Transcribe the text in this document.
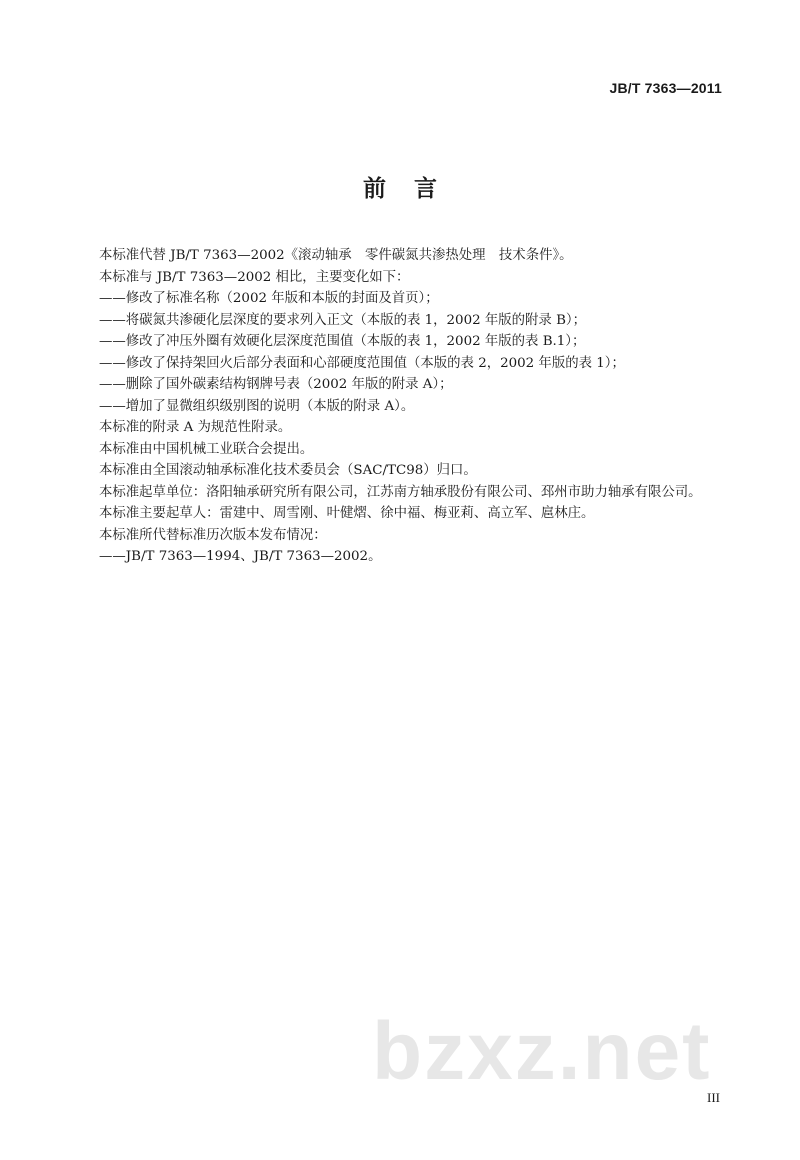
JB/T 7363—2011
前言

本标准代替 JB/T 7363—2002《滚动轴承　零件碳氮共渗热处理　技术条件》。

本标准与 JB/T 7363—2002 相比，主要变化如下：

——修改了标准名称（2002 年版和本版的封面及首页）；

——将碳氮共渗硬化层深度的要求列入正文（本版的表 1，2002 年版的附录 B）；

——修改了冲压外圈有效硬化层深度范围值（本版的表 1，2002 年版的表 B.1）；

——修改了保持架回火后部分表面和心部硬度范围值（本版的表 2，2002 年版的表 1）；

——删除了国外碳素结构钢牌号表（2002 年版的附录 A）；

——增加了显微组织级别图的说明（本版的附录 A）。

本标准的附录 A 为规范性附录。

本标准由中国机械工业联合会提出。

本标准由全国滚动轴承标准化技术委员会（SAC/TC98）归口。

本标准起草单位：洛阳轴承研究所有限公司，江苏南方轴承股份有限公司、邳州市助力轴承有限公司。

本标准主要起草人：雷建中、周雪刚、叶健熠、徐中福、梅亚莉、高立军、扈林庄。

本标准所代替标准历次版本发布情况：

——JB/T 7363—1994、JB/T 7363—2002。

bzxz.net
III
